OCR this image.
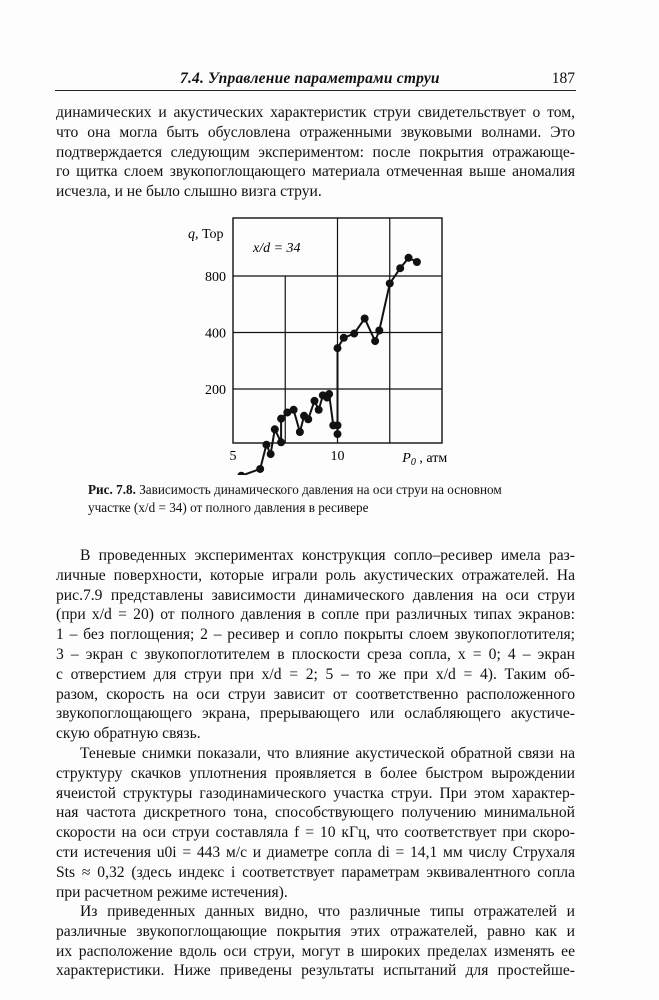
7.4. Управление параметрами струи	187
динамических и акустических характеристик струи свидетельствует о том,
что она могла быть обусловлена отраженными звуковыми волнами. Это
подтверждается следующим экспериментом: после покрытия отражающе-
го щитка слоем звукопоглощающего материала отмеченная выше аномалия
исчезла, и не было слышно визга струи.
200
400
800
5	10
q, Тор
$P_0$ , атм
x/d = 34
Рис. 7.8. Зависимость динамического давления на оси струи на основном
участке (x/d = 34) от полного давления в ресивере
В проведенных экспериментах конструкция сопло–ресивер имела раз-
личные поверхности, которые играли роль акустических отражателей. На
рис.7.9 представлены зависимости динамического давления на оси струи
(при x/d = 20) от полного давления в сопле при различных типах экранов:
1 – без поглощения; 2 – ресивер и сопло покрыты слоем звукопоглотителя;
3 – экран с звукопоглотителем в плоскости среза сопла, x = 0; 4 – экран
с отверстием для струи при x/d = 2; 5 – то же при x/d = 4). Таким об-
разом, скорость на оси струи зависит от соответственно расположенного
звукопоглощающего экрана, прерывающего или ослабляющего акустиче-
скую обратную связь.
Теневые снимки показали, что влияние акустической обратной связи на
структуру скачков уплотнения проявляется в более быстром вырождении
ячеистой структуры газодинамического участка струи. При этом характер-
ная частота дискретного тона, способствующего получению минимальной
скорости на оси струи составляла f = 10 кГц, что соответствует при скоро-
сти истечения u0i = 443 м/с и диаметре сопла di = 14,1 мм числу Струхаля
Sts ≈ 0,32 (здесь индекс i соответствует параметрам эквивалентного сопла
при расчетном режиме истечения).
Из приведенных данных видно, что различные типы отражателей и
различные звукопоглощающие покрытия этих отражателей, равно как и
их расположение вдоль оси струи, могут в широких пределах изменять ее
характеристики. Ниже приведены результаты испытаний для простейше-
